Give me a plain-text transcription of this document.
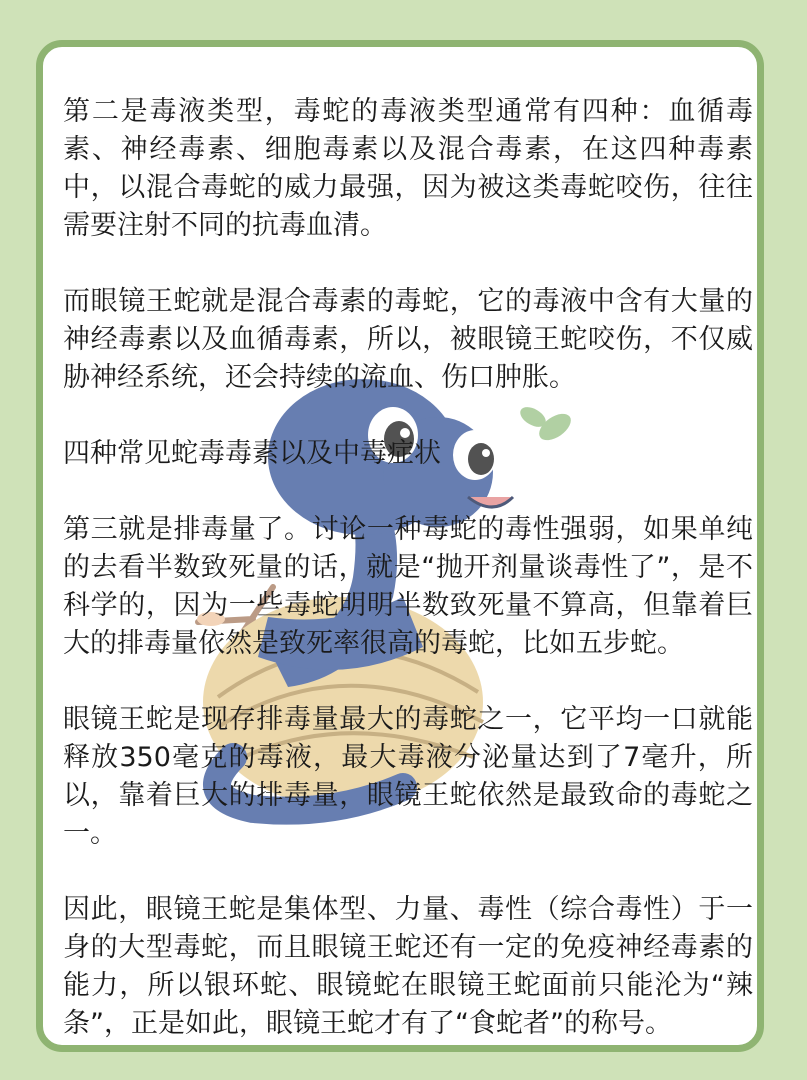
第二是毒液类型，毒蛇的毒液类型通常有四种：血循毒素、神经毒素、细胞毒素以及混合毒素，在这四种毒素中，以混合毒蛇的威力最强，因为被这类毒蛇咬伤，往往需要注射不同的抗毒血清。

而眼镜王蛇就是混合毒素的毒蛇，它的毒液中含有大量的神经毒素以及血循毒素，所以，被眼镜王蛇咬伤，不仅威胁神经系统，还会持续的流血、伤口肿胀。

四种常见蛇毒毒素以及中毒症状

第三就是排毒量了。讨论一种毒蛇的毒性强弱，如果单纯的去看半数致死量的话，就是“抛开剂量谈毒性了”，是不科学的，因为一些毒蛇明明半数致死量不算高，但靠着巨大的排毒量依然是致死率很高的毒蛇，比如五步蛇。

眼镜王蛇是现存排毒量最大的毒蛇之一，它平均一口就能释放350毫克的毒液，最大毒液分泌量达到了7毫升，所以，靠着巨大的排毒量，眼镜王蛇依然是最致命的毒蛇之一。

因此，眼镜王蛇是集体型、力量、毒性（综合毒性）于一身的大型毒蛇，而且眼镜王蛇还有一定的免疫神经毒素的能力，所以银环蛇、眼镜蛇在眼镜王蛇面前只能沦为“辣条”，正是如此，眼镜王蛇才有了“食蛇者”的称号。
